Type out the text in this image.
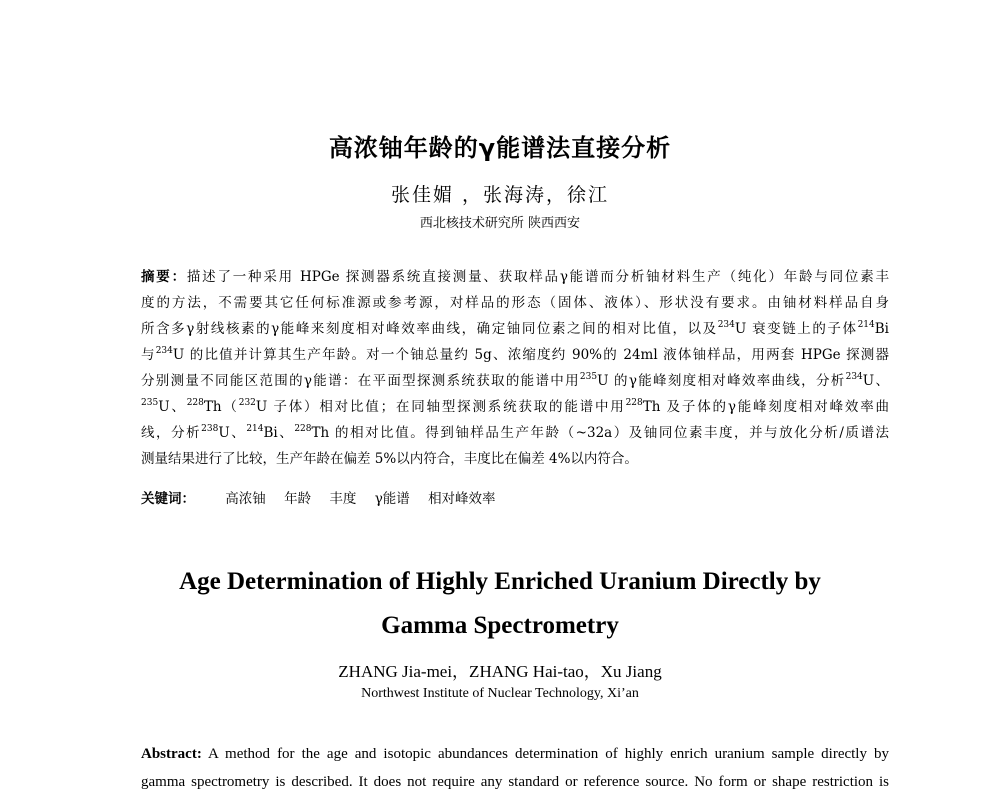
高浓铀年龄的γ能谱法直接分析
张佳媚 ，张海涛，徐江
西北核技术研究所 陕西西安
摘要：描述了一种采用 HPGe 探测器系统直接测量、获取样品γ能谱而分析铀材料生产（纯化）年龄与同位素丰
度的方法，不需要其它任何标准源或参考源，对样品的形态（固体、液体）、形状没有要求。由铀材料样品自身
所含多γ射线核素的γ能峰来刻度相对峰效率曲线，确定铀同位素之间的相对比值，以及$^{234}$U 衰变链上的子体$^{214}$Bi
与$^{234}$U 的比值并计算其生产年龄。对一个铀总量约 5g、浓缩度约 90%的 24ml 液体铀样品，用两套 HPGe 探测器
分别测量不同能区范围的γ能谱：在平面型探测系统获取的能谱中用$^{235}$U 的γ能峰刻度相对峰效率曲线，分析$^{234}$U、
$^{235}$U、$^{228}$Th（$^{232}$U 子体）相对比值；在同轴型探测系统获取的能谱中用$^{228}$Th 及子体的γ能峰刻度相对峰效率曲
线，分析$^{238}$U、$^{214}$Bi、$^{228}$Th 的相对比值。得到铀样品生产年龄（~32a）及铀同位素丰度，并与放化分析/质谱法
测量结果进行了比较，生产年龄在偏差 5%以内符合，丰度比在偏差 4%以内符合。
关键词： 高浓铀 年龄 丰度 γ能谱 相对峰效率
Age Determination of Highly Enriched Uranium Directly by
Gamma Spectrometry
ZHANG Jia-mei，ZHANG Hai-tao，Xu Jiang
Northwest Institute of Nuclear Technology, Xi’an
Abstract: A method for the age and isotopic abundances determination of highly enrich uranium sample directly by
gamma spectrometry is described. It does not require any standard or reference source. No form or shape restriction is
